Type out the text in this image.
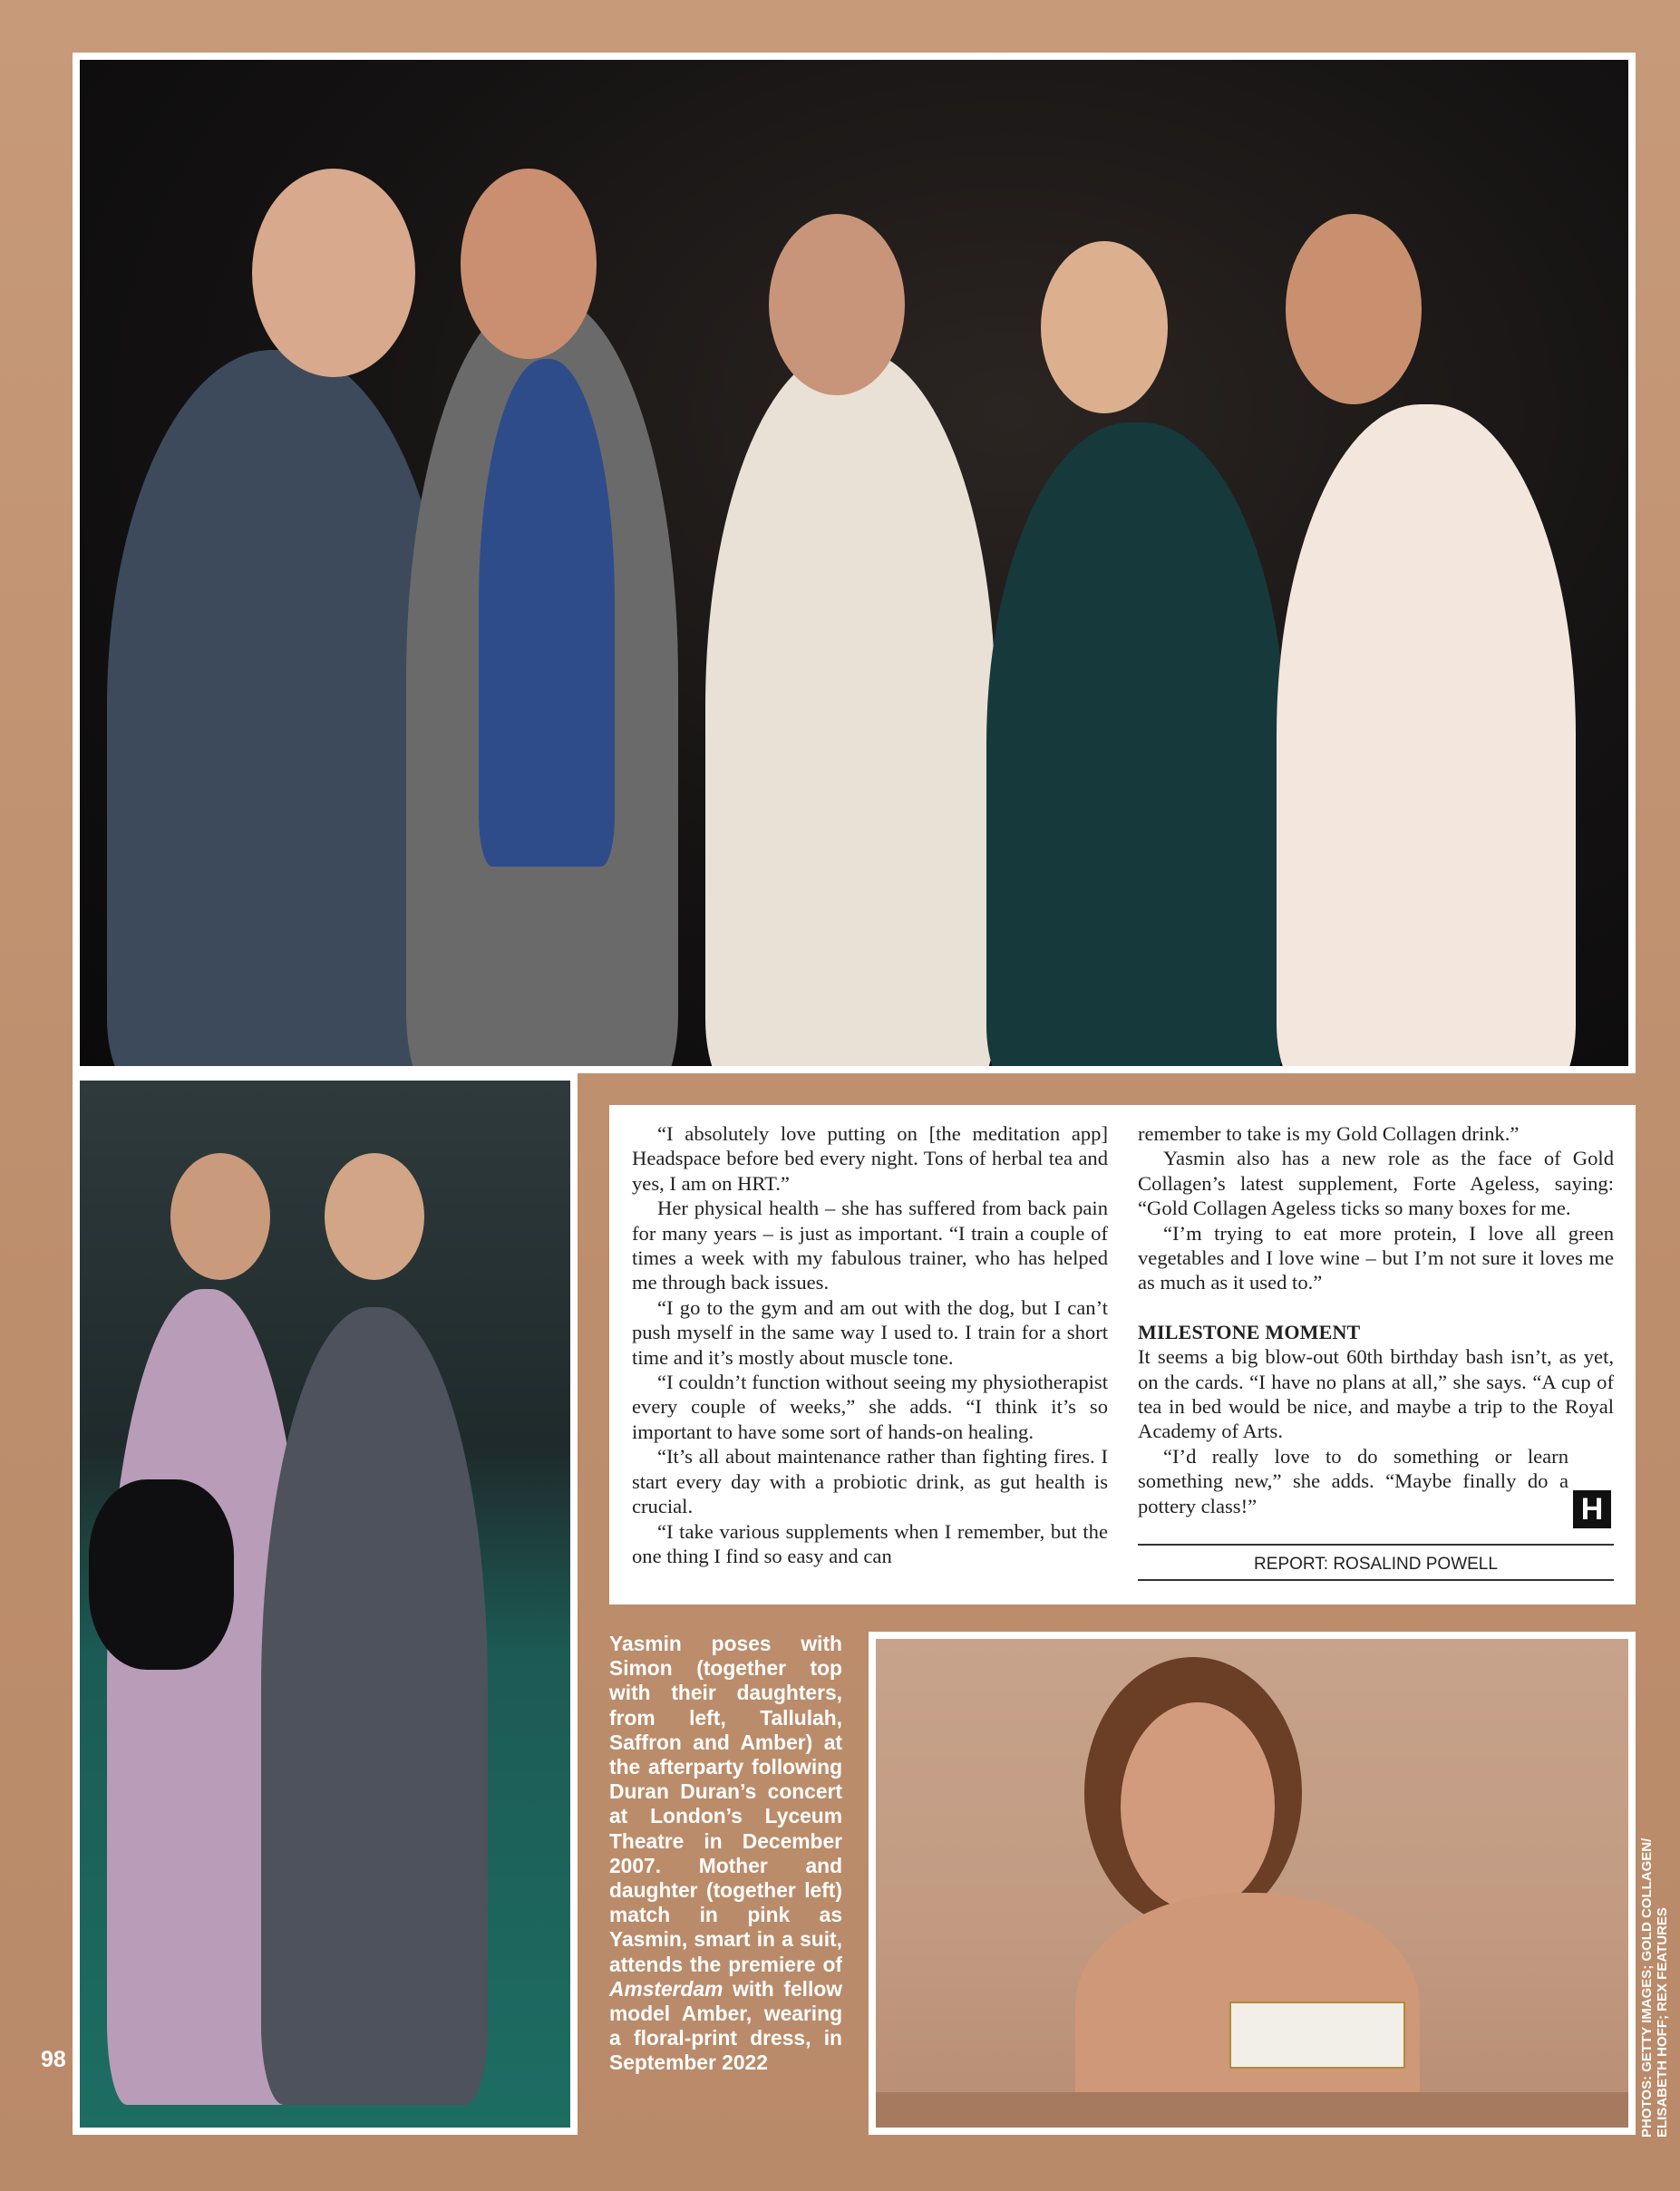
“I absolutely love putting on [the meditation app] Headspace before bed every night. Tons of herbal tea and yes, I am on HRT.”

Her physical health – she has suffered from back pain for many years – is just as important. “I train a couple of times a week with my fabulous trainer, who has helped me through back issues.

“I go to the gym and am out with the dog, but I can’t push myself in the same way I used to. I train for a short time and it’s mostly about muscle tone.

“I couldn’t function without seeing my physiotherapist every couple of weeks,” she adds. “I think it’s so important to have some sort of hands-on healing.

“It’s all about maintenance rather than fighting fires. I start every day with a probiotic drink, as gut health is crucial.

“I take various supplements when I remember, but the one thing I find so easy and can

remember to take is my Gold Collagen drink.”

Yasmin also has a new role as the face of Gold Collagen’s latest supplement, Forte Ageless, saying: “Gold Collagen Ageless ticks so many boxes for me.

“I’m trying to eat more protein, I love all green vegetables and I love wine – but I’m not sure it loves me as much as it used to.”

MILESTONE MOMENT

It seems a big blow-out 60th birthday bash isn’t, as yet, on the cards. “I have no plans at all,” she says. “A cup of tea in bed would be nice, and maybe a trip to the Royal Academy of Arts.

“I’d really love to do something or learn something new,” she adds. “Maybe finally do a pottery class!”	H
REPORT: ROSALIND POWELL

Yasmin poses with Simon (together top with their daughters, from left, Tallulah, Saffron and Amber) at the afterparty following Duran Duran’s concert at London’s Lyceum Theatre in December 2007. Mother and daughter (together left) match in pink as Yasmin, smart in a suit, attends the premiere of Amsterdam with fellow model Amber, wearing a floral-print dress, in September 2022

98	PHOTOS: GETTY IMAGES; GOLD COLLAGEN/ ELISABETH HOFF; REX FEATURES
